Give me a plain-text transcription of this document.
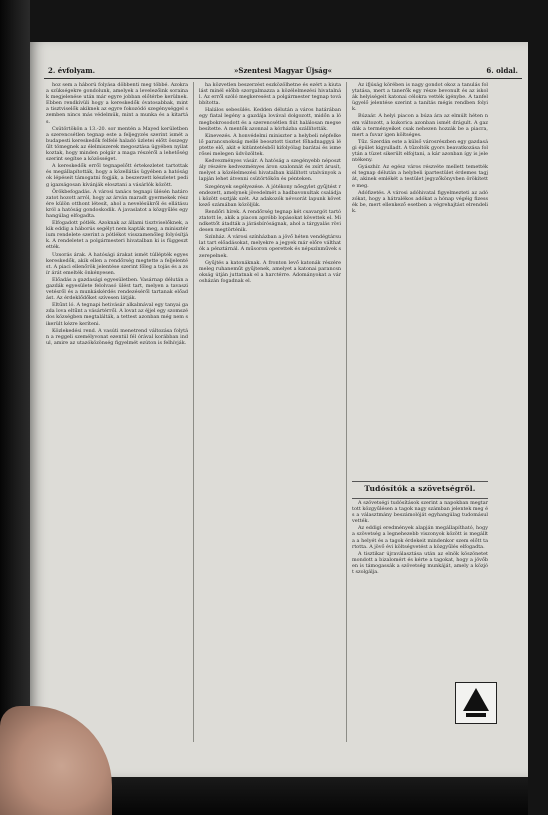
2. évfolyam.	»Szentesi Magyar Újság«	6. oldal.

hoz sem a háború folyása döbbenti meg többé. Azokra a szükségekre gondolunk, amelyek a levelezőink sorainak megjelenése után már egyre jobban előtérbe kerülnek. Ebben rendkívüli hogy a kereskedők óvatosabbak, mint a tisztviselők akiknek az egyre fokozódó szegénységgel szemben nincs más védelmük, mint a munka és a kitartás.

Csütörtökön a 13.-20. sor mentén a Mayed kerületben a szerencsétlen tegnap este a feljegyzés szerint ismét a budapesti kereskedők felfelé haladó üzletei előtt összegyűlt tömegnek az élelmiszerek megosztása ügyében nyilatkoztak, hogy minden polgár a maga részéről a lehetőség szerint segítse a közösséget.

A kereskedők erről tegnapelőtt értekezletet tartottak és megállapították, hogy a közellátás ügyében a hatóságok lépéseit támogatni fogják, a beszerzett készletet pedig igazságosan kívánják elosztani a vásárlók között.

Örökbefogadás. A városi tanács tegnapi ülésén határozatot hozott arról, hogy az árván maradt gyermekek részére külön otthont létesít, ahol a nevelésükről és ellátásukról a hatóság gondoskodik. A javaslatot a közgyűlés egyhangúlag elfogadta.

Elfogadott pótlék. Azoknak az állami tisztviselőknek, akik eddig a háborús segélyt nem kapták meg, a minisztérium rendelete szerint a pótlékot visszamenőleg folyósítják. A rendeletet a polgármesteri hivatalban ki is függesztették.

Uzsorás árak. A hatósági árakat ismét túllépték egyes kereskedők, akik ellen a rendőrség megtette a feljelentést. A piaci ellenőrök jelentése szerint főleg a tojás és a zsír árát emelték önkényesen.

Előadás a gazdasági egyesületben. Vasárnap délután a gazdák egyesülete felolvasó ülést tart, melyen a tavaszi vetésről és a munkáskérdés rendezéséről tartanak előadást. Az érdeklődőket szívesen látják.

Eltűnt ló. A tegnapi hetivásár alkalmával egy tanyai gazda lova eltűnt a vásártérről. A lovat az éjjel egy szomszédos községben megtalálták, a tettest azonban még nem sikerült kézre keríteni.

Közlekedési rend. A vasúti menetrend változása folytán a reggeli személyvonat ezentúl fél órával korábban indul, amire az utazóközönség figyelmét ezúton is felhívják.

ha közvetlen beszerzést eszközölhetne és ezért a kiutalást minél előbb szorgalmazza a közélelmezési hivatalnál. Az erről szóló megkeresést a polgármester tegnap továbbította.

Halálos sebesülés. Kedden délután a város határában egy fiatal legény a gazdája lovával dolgozott, midőn a ló megbokrosodott és a szerencsétlen fiút halálosan megsebesítette. A mentők azonnal a kórházba szállították.

Kinevezés. A honvédelmi miniszter a helybeli népfelkelő parancsnokság mellé beosztott tisztet főhadnaggyá léptette elő, akit e kitüntetésből kifolyólag barátai és ismerősei melegen üdvözöltek.

Kedvezményes vásár. A hatóság a szegényebb néposztály részére kedvezményes áron szalonnát és zsírt árusít, melyet a közélelmezési hivatalban kiállított utalványok alapján lehet átvenni csütörtökön és pénteken.

Szegények segélyezése. A jótékony nőegylet gyűjtést rendezett, amelynek jövedelmét a hadbavonultak családjai között osztják szét. Az adakozók névsorát lapunk következő számában közöljük.

Rendőri hírek. A rendőrség tegnap két csavargót tartóztatott le, akik a piacon apróbb lopásokat követtek el. Mindkettőt átadták a járásbíróságnak, ahol a tárgyalás rövidesen megtörténik.

Színház. A városi színházban a jövő héten vendégtársulat tart előadásokat, melyekre a jegyek már előre válthatók a pénztárnál. A műsoron operettek és népszínművek szerepelnek.

Gyűjtés a katonáknak. A fronton levő katonák részére meleg ruhaneműt gyűjtenek, amelyet a katonai parancsnokság útján juttatnak el a harctérre. Adományokat a városházán fogadnak el.

Az ifjúság körében is nagy gondot okoz a tanulás folytatása, mert a tanerők egy része bevonult és az iskolák helyiségeit katonai célokra vették igénybe. A tanfelügyelő jelentése szerint a tanítás mégis rendben folyik.

Búzaár. A helyi piacon a búza ára az elmúlt héten nem változott, a kukorica azonban ismét drágult. A gazdák a terményeiket csak nehezen hozzák be a piacra, mert a fuvar igen költséges.

Tűz. Szerdán este a külső városrészben egy gazdasági épület kigyulladt. A tűzoltók gyors beavatkozása folytán a tüzet sikerült elfojtani, a kár azonban így is jelentékeny.

Gyászhír. Az egész város részvéte mellett temették el tegnap délután a helybeli ipartestület érdemes tagját, akinek emlékét a testület jegyzőkönyvben örökítette meg.

Adófizetés. A városi adóhivatal figyelmezteti az adózókat, hogy a hátralékos adókat a hónap végéig fizessék be, mert ellenkező esetben a végrehajtást elrendelik.

Tudósítók a szövetségről.

A szövetségi tudósítások szerint a napokban megtartott közgyűlésen a tagok nagy számban jelentek meg és a választmány beszámolóját egyhangúlag tudomásul vették.

Az eddigi eredmények alapján megállapítható, hogy a szövetség a legnehezebb viszonyok között is megállta a helyét és a tagok érdekeit mindenkor szem előtt tartotta. A jövő évi költségvetést a közgyűlés elfogadta.

A tisztikar újraválasztása után az elnök köszönetet mondott a bizalomért és kérte a tagokat, hogy a jövőben is támogassák a szövetség munkáját, amely a közjót szolgálja.
